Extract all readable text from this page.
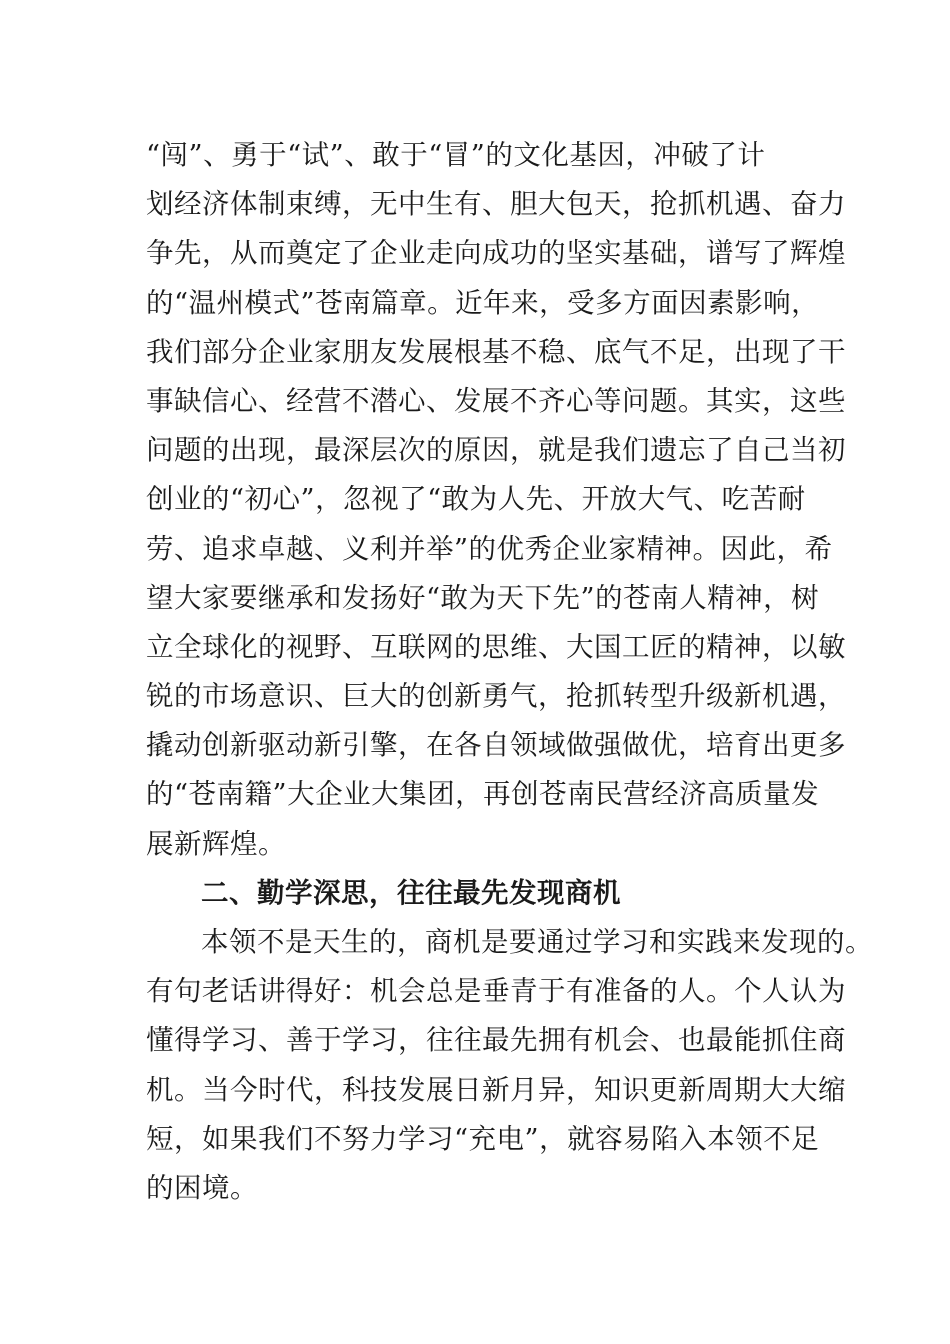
“闯”、勇于“试”、敢于“冒”的文化基因，冲破了计
划经济体制束缚，无中生有、胆大包天，抢抓机遇、奋力
争先，从而奠定了企业走向成功的坚实基础，谱写了辉煌
的“温州模式”苍南篇章。近年来，受多方面因素影响，
我们部分企业家朋友发展根基不稳、底气不足，出现了干
事缺信心、经营不潜心、发展不齐心等问题。其实，这些
问题的出现，最深层次的原因，就是我们遗忘了自己当初
创业的“初心”，忽视了“敢为人先、开放大气、吃苦耐
劳、追求卓越、义利并举”的优秀企业家精神。因此，希
望大家要继承和发扬好“敢为天下先”的苍南人精神，树
立全球化的视野、互联网的思维、大国工匠的精神，以敏
锐的市场意识、巨大的创新勇气，抢抓转型升级新机遇，
撬动创新驱动新引擎，在各自领域做强做优，培育出更多
的“苍南籍”大企业大集团，再创苍南民营经济高质量发
展新辉煌。
二、勤学深思，往往最先发现商机
本领不是天生的，商机是要通过学习和实践来发现的。
有句老话讲得好：机会总是垂青于有准备的人。个人认为
懂得学习、善于学习，往往最先拥有机会、也最能抓住商
机。当今时代，科技发展日新月异，知识更新周期大大缩
短，如果我们不努力学习“充电”，就容易陷入本领不足
的困境。
